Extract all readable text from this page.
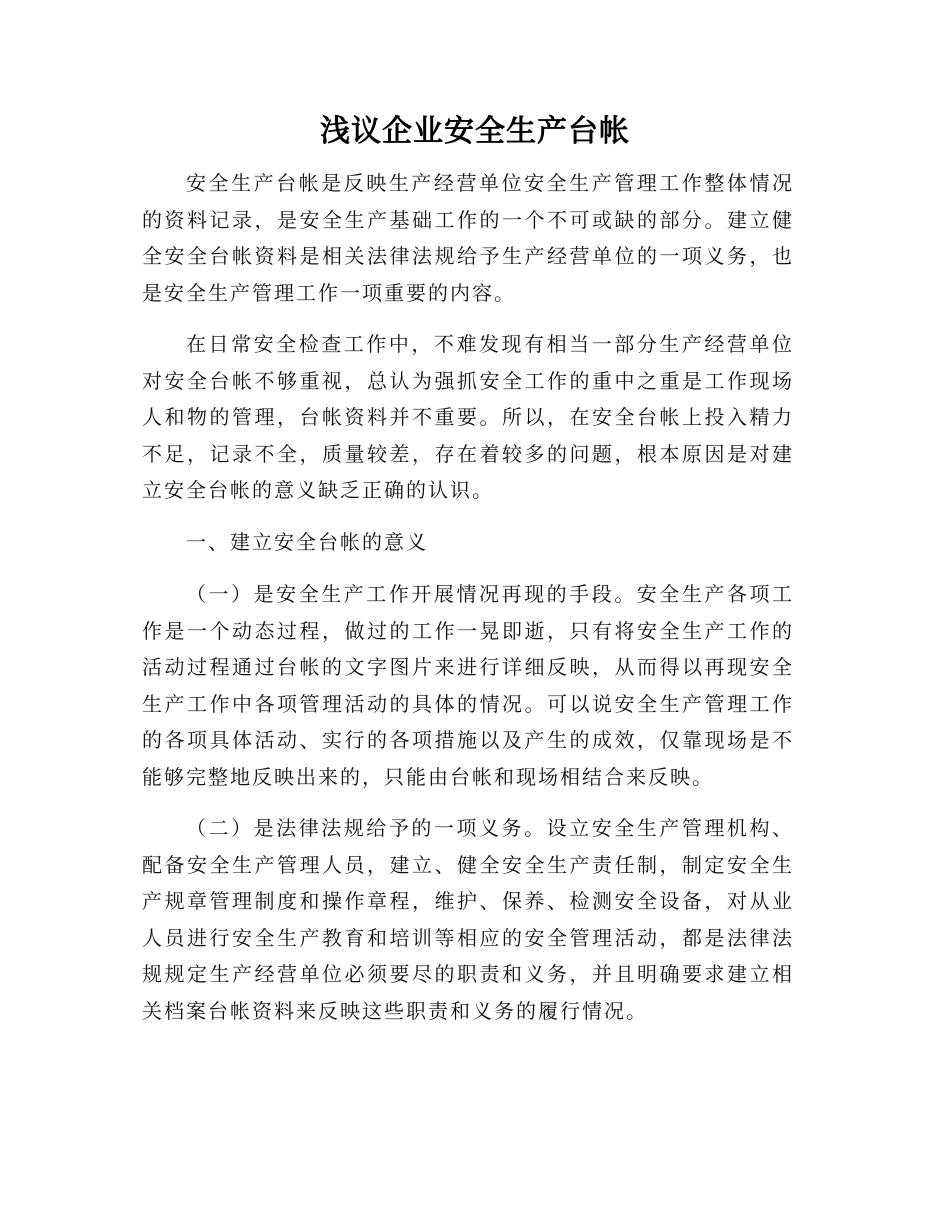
浅议企业安全生产台帐

安全生产台帐是反映生产经营单位安全生产管理工作整体情况的资料记录，是安全生产基础工作的一个不可或缺的部分。建立健全安全台帐资料是相关法律法规给予生产经营单位的一项义务，也是安全生产管理工作一项重要的内容。

在日常安全检查工作中，不难发现有相当一部分生产经营单位对安全台帐不够重视，总认为强抓安全工作的重中之重是工作现场人和物的管理，台帐资料并不重要。所以，在安全台帐上投入精力不足，记录不全，质量较差，存在着较多的问题，根本原因是对建立安全台帐的意义缺乏正确的认识。

一、建立安全台帐的意义

（一）是安全生产工作开展情况再现的手段。安全生产各项工作是一个动态过程，做过的工作一晃即逝，只有将安全生产工作的活动过程通过台帐的文字图片来进行详细反映，从而得以再现安全生产工作中各项管理活动的具体的情况。可以说安全生产管理工作的各项具体活动、实行的各项措施以及产生的成效，仅靠现场是不能够完整地反映出来的，只能由台帐和现场相结合来反映。

（二）是法律法规给予的一项义务。设立安全生产管理机构、配备安全生产管理人员，建立、健全安全生产责任制，制定安全生产规章管理制度和操作章程，维护、保养、检测安全设备，对从业人员进行安全生产教育和培训等相应的安全管理活动，都是法律法规规定生产经营单位必须要尽的职责和义务，并且明确要求建立相关档案台帐资料来反映这些职责和义务的履行情况。
